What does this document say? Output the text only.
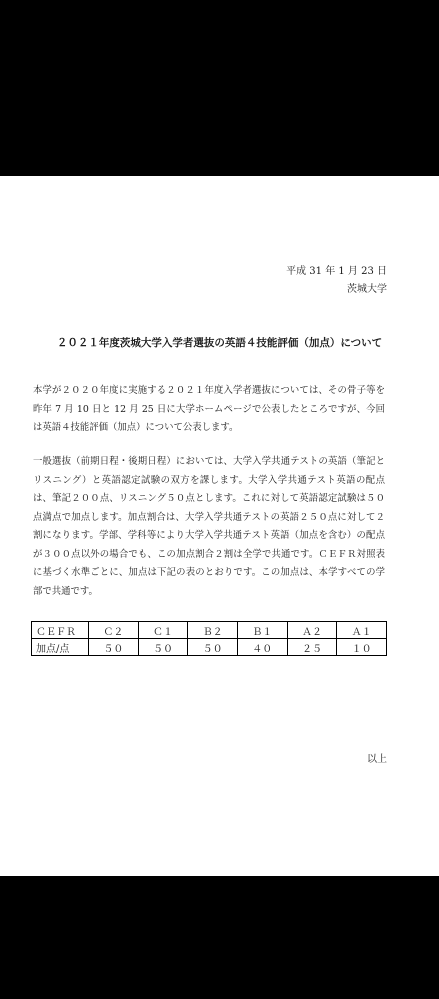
平成 31 年 1 月 23 日
茨城大学
２０２１年度茨城大学入学者選抜の英語４技能評価（加点）について

本学が２０２０年度に実施する２０２１年度入学者選抜については、その骨子等を昨年 7 月 10 日と 12 月 25 日に大学ホームページで公表したところですが、今回は英語４技能評価（加点）について公表します。

一般選抜（前期日程・後期日程）においては、大学入学共通テストの英語（筆記とリスニング）と英語認定試験の双方を課します。大学入学共通テスト英語の配点は、筆記２００点、リスニング５０点とします。これに対して英語認定試験は５０点満点で加点します。加点割合は、大学入学共通テストの英語２５０点に対して２割になります。学部、学科等により大学入学共通テスト英語（加点を含む）の配点が３００点以外の場合でも、この加点割合２割は全学で共通です。ＣＥＦＲ対照表に基づく水準ごとに、加点は下記の表のとおりです。この加点は、本学すべての学部で共通です。

ＣＥＦＲ	Ｃ２	Ｃ１	Ｂ２	Ｂ１	Ａ２	Ａ１
加点/点	５０	５０	５０	４０	２５	１０
以上
